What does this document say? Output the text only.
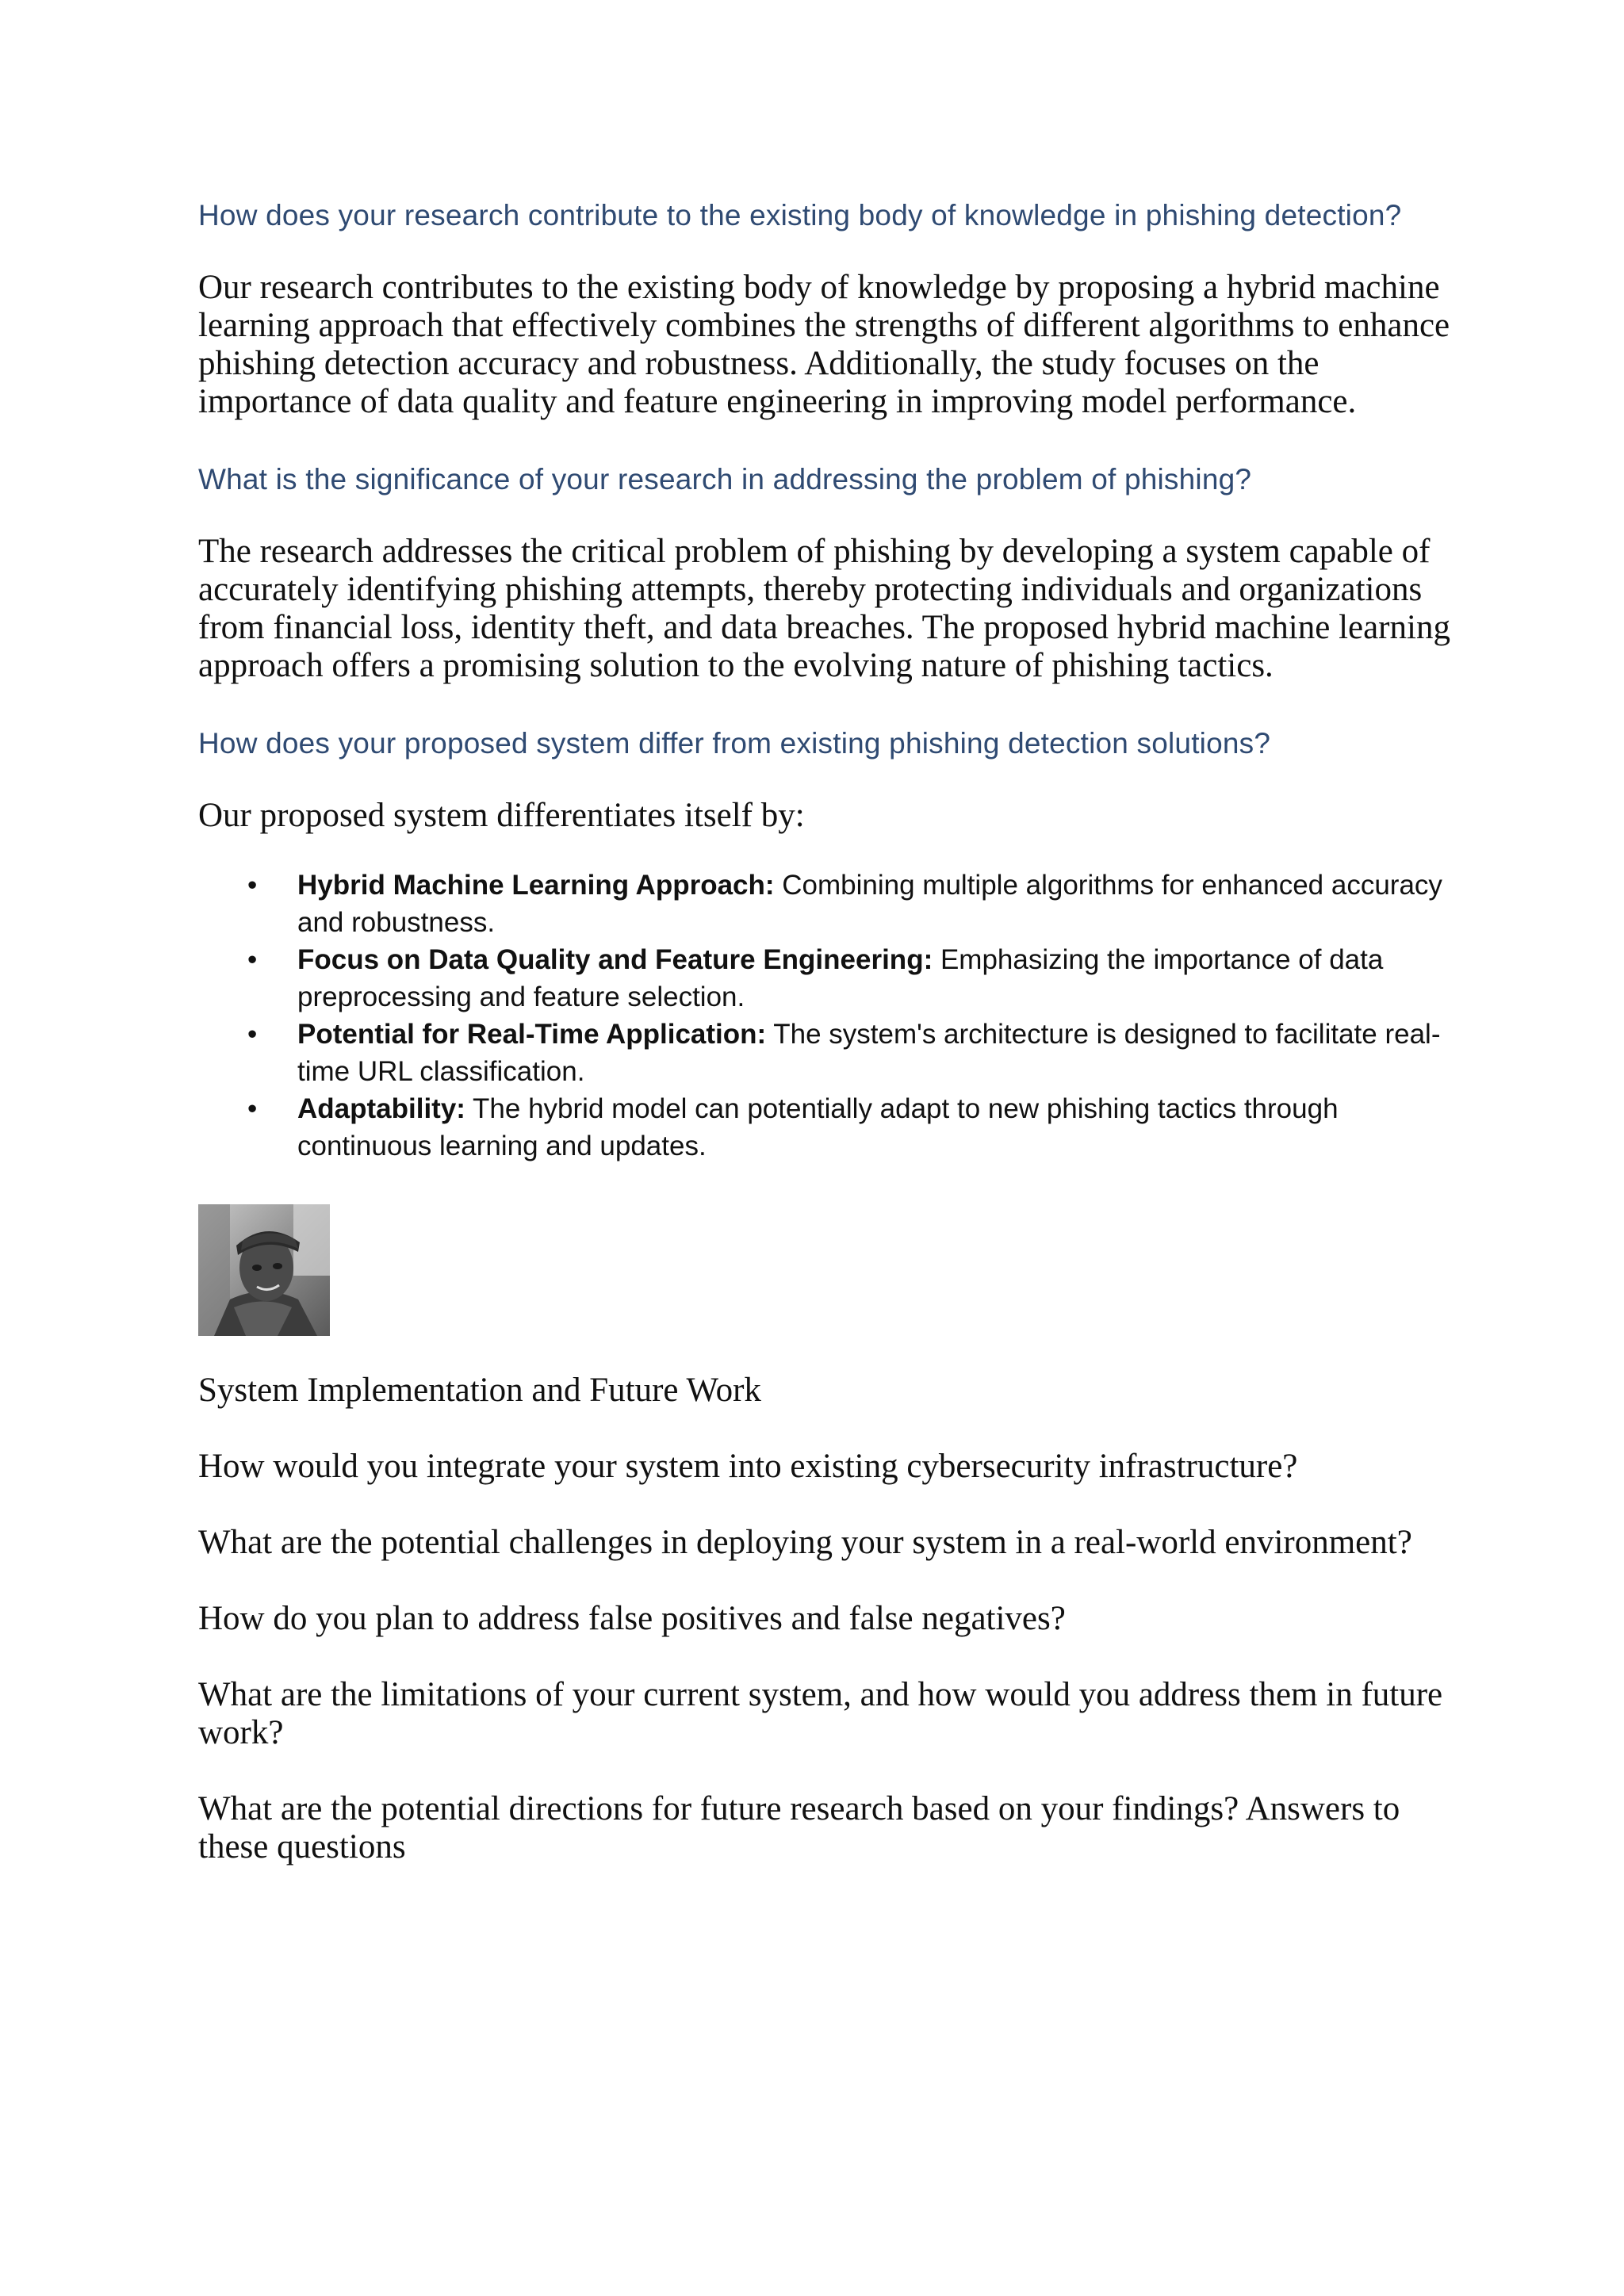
How does your research contribute to the existing body of knowledge in phishing detection?

Our research contributes to the existing body of knowledge by proposing a hybrid machine learning approach that effectively combines the strengths of different algorithms to enhance phishing detection accuracy and robustness. Additionally, the study focuses on the importance of data quality and feature engineering in improving model performance.

What is the significance of your research in addressing the problem of phishing?

The research addresses the critical problem of phishing by developing a system capable of accurately identifying phishing attempts, thereby protecting individuals and organizations from financial loss, identity theft, and data breaches. The proposed hybrid machine learning approach offers a promising solution to the evolving nature of phishing tactics.

How does your proposed system differ from existing phishing detection solutions?

Our proposed system differentiates itself by:

• Hybrid Machine Learning Approach: Combining multiple algorithms for enhanced accuracy and robustness.
• Focus on Data Quality and Feature Engineering: Emphasizing the importance of data preprocessing and feature selection.
• Potential for Real-Time Application: The system's architecture is designed to facilitate real-time URL classification.
• Adaptability: The hybrid model can potentially adapt to new phishing tactics through continuous learning and updates.

System Implementation and Future Work

How would you integrate your system into existing cybersecurity infrastructure?

What are the potential challenges in deploying your system in a real-world environment?

How do you plan to address false positives and false negatives?

What are the limitations of your current system, and how would you address them in future work?

What are the potential directions for future research based on your findings? Answers to these questions
